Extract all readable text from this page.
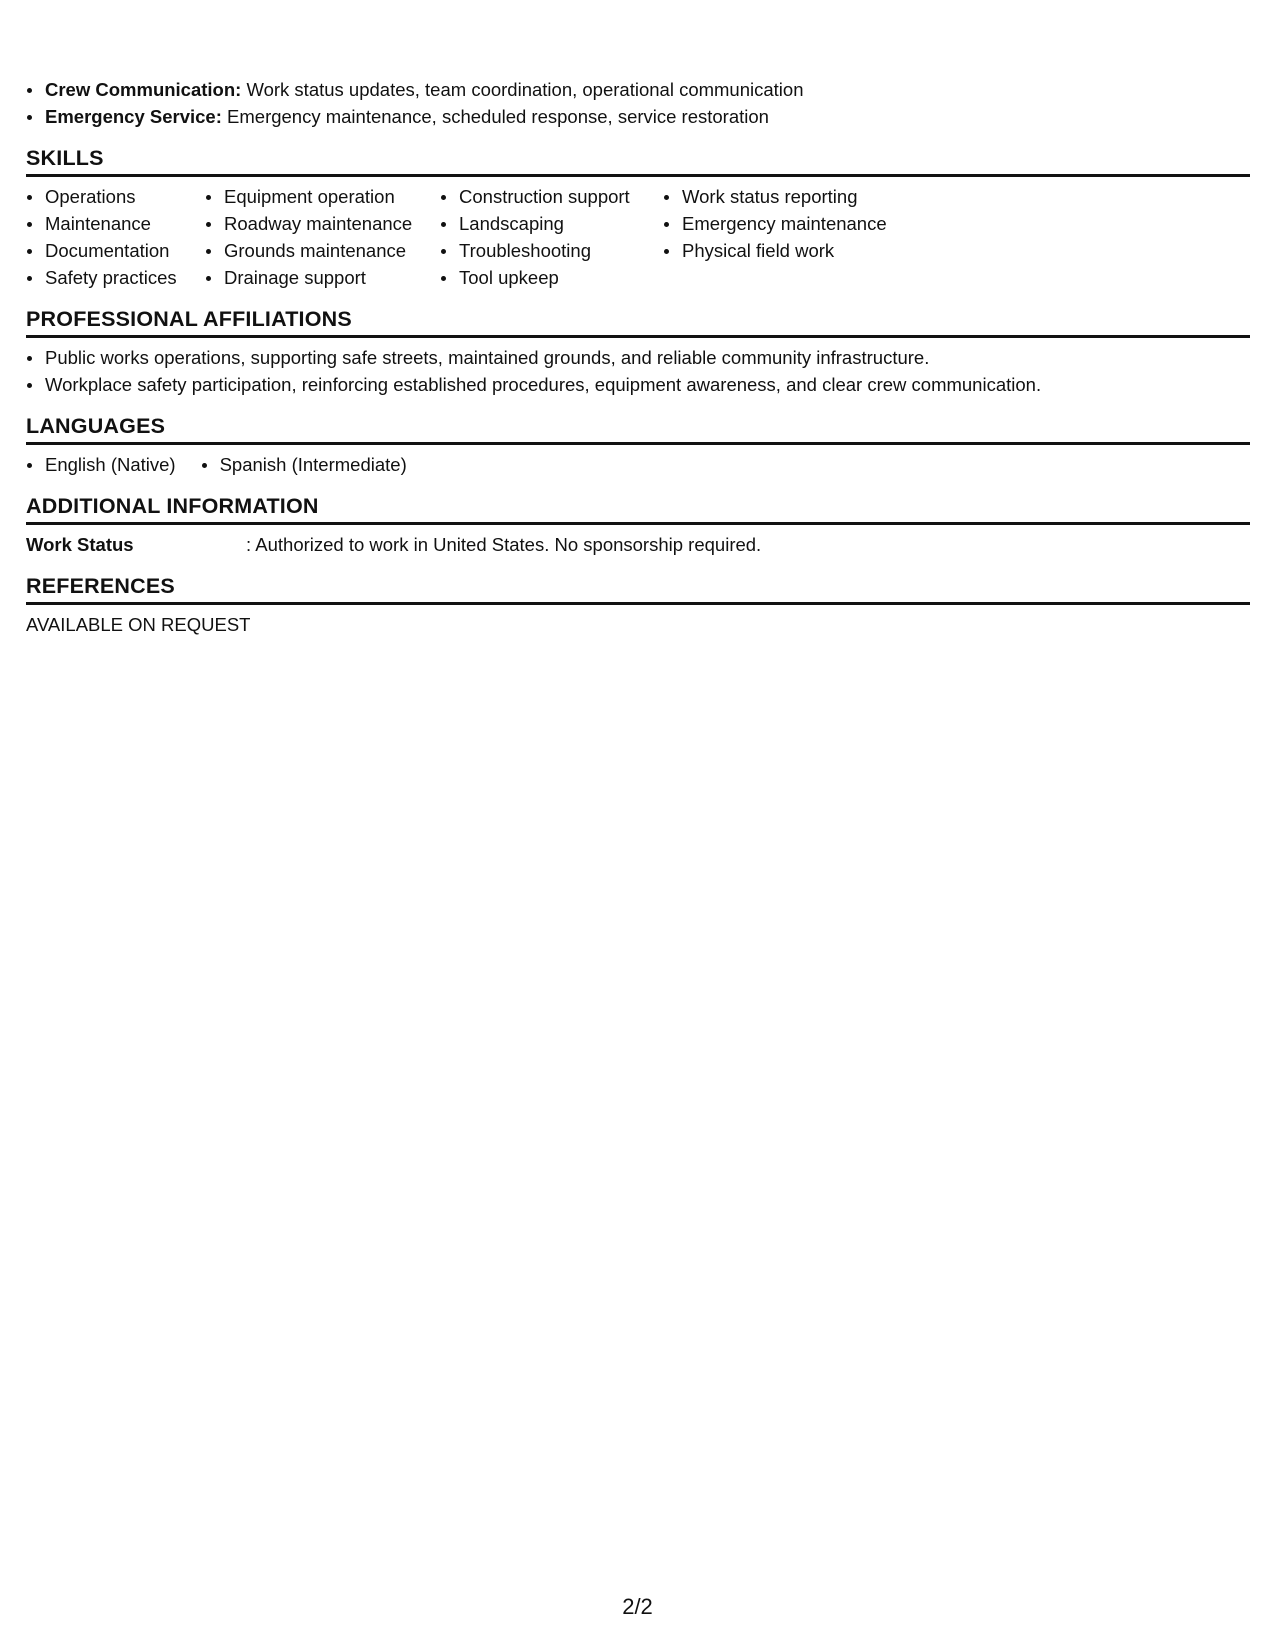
Crew Communication: Work status updates, team coordination, operational communication
Emergency Service: Emergency maintenance, scheduled response, service restoration
SKILLS
Operations
Maintenance
Documentation
Safety practices
Equipment operation
Roadway maintenance
Grounds maintenance
Drainage support
Construction support
Landscaping
Troubleshooting
Tool upkeep
Work status reporting
Emergency maintenance
Physical field work
PROFESSIONAL AFFILIATIONS
Public works operations, supporting safe streets, maintained grounds, and reliable community infrastructure.
Workplace safety participation, reinforcing established procedures, equipment awareness, and clear crew communication.
LANGUAGES
English (Native)	Spanish (Intermediate)
ADDITIONAL INFORMATION
Work Status	: Authorized to work in United States. No sponsorship required.
REFERENCES
AVAILABLE ON REQUEST
2/2
